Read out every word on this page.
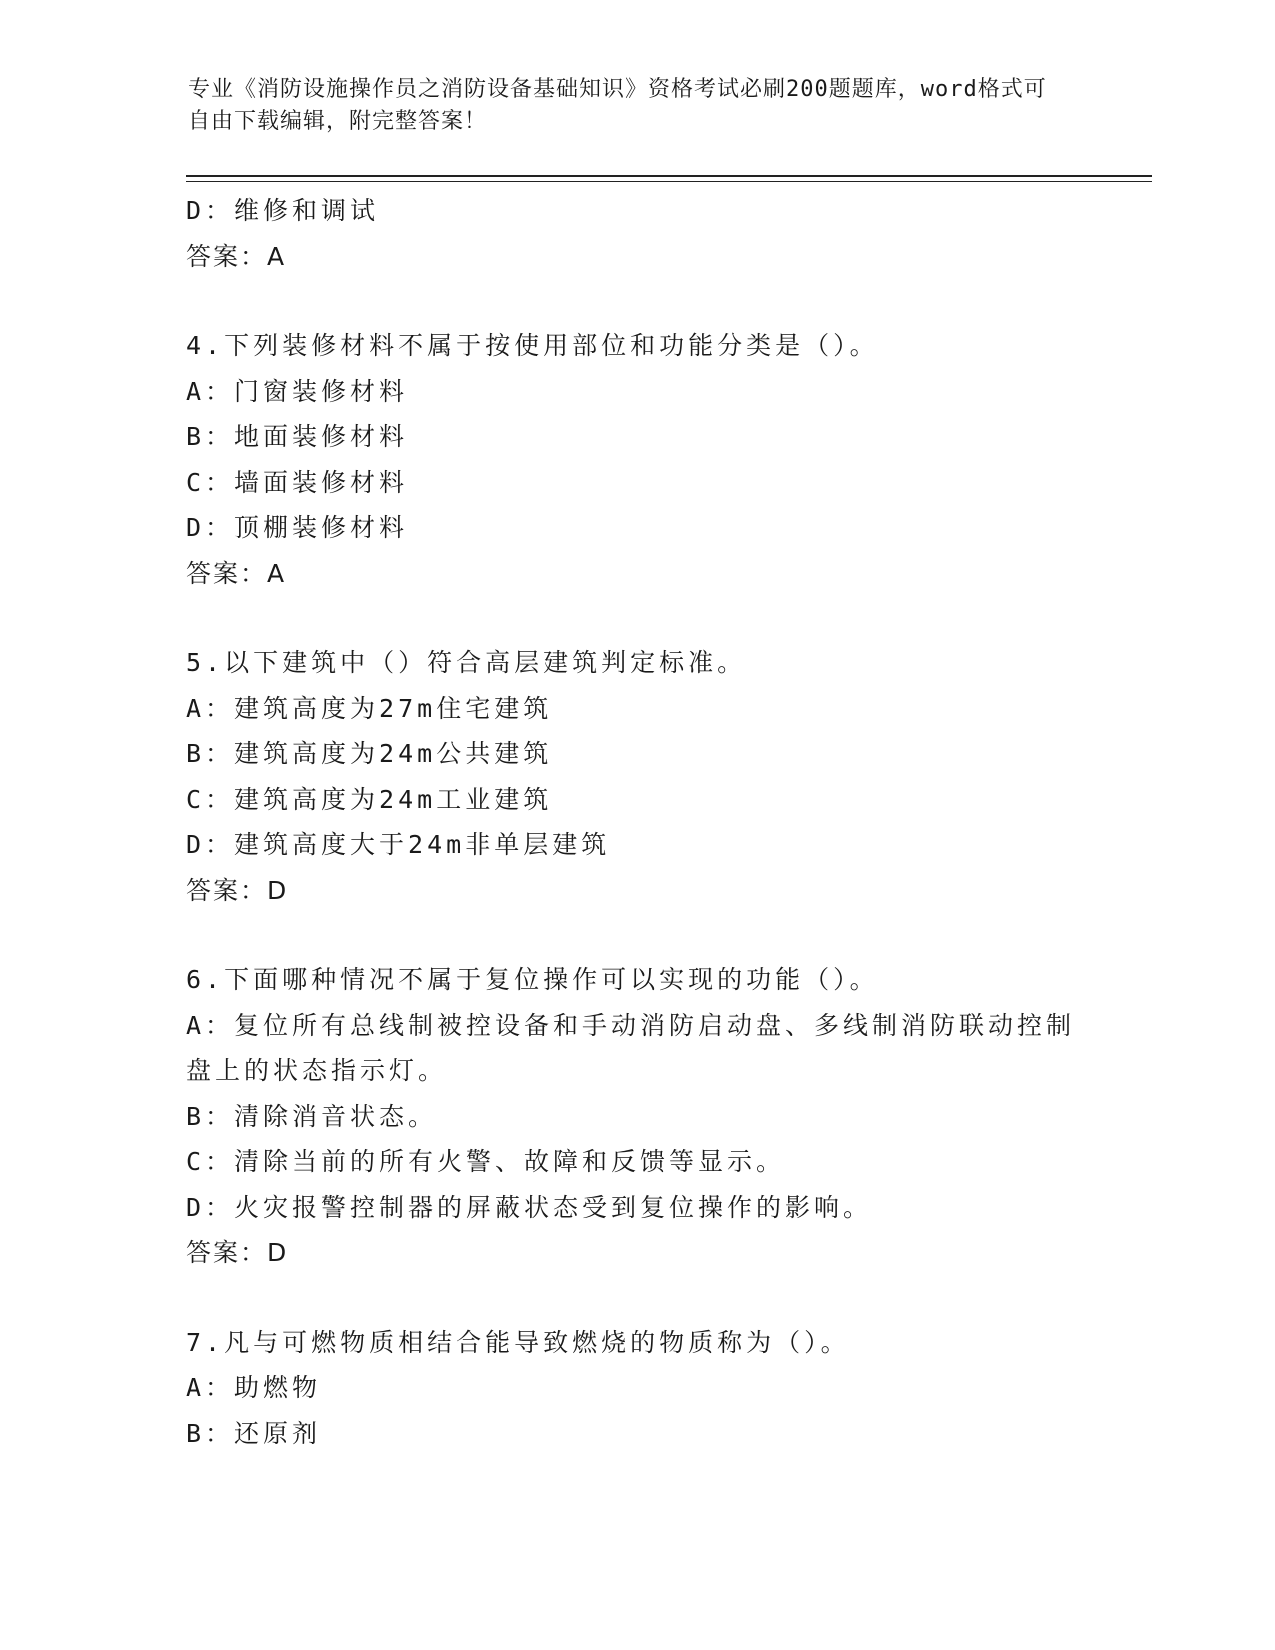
专业《消防设施操作员之消防设备基础知识》资格考试必刷200题题库，word格式可自由下载编辑，附完整答案！
D：维修和调试
答案：A
4.下列装修材料不属于按使用部位和功能分类是（）。
A：门窗装修材料
B：地面装修材料
C：墙面装修材料
D：顶棚装修材料
答案：A
5.以下建筑中（）符合高层建筑判定标准。
A：建筑高度为27m住宅建筑
B：建筑高度为24m公共建筑
C：建筑高度为24m工业建筑
D：建筑高度大于24m非单层建筑
答案：D
6.下面哪种情况不属于复位操作可以实现的功能（）。
A：复位所有总线制被控设备和手动消防启动盘、多线制消防联动控制盘上的状态指示灯。
B：清除消音状态。
C：清除当前的所有火警、故障和反馈等显示。
D：火灾报警控制器的屏蔽状态受到复位操作的影响。
答案：D
7.凡与可燃物质相结合能导致燃烧的物质称为（）。
A：助燃物
B：还原剂
